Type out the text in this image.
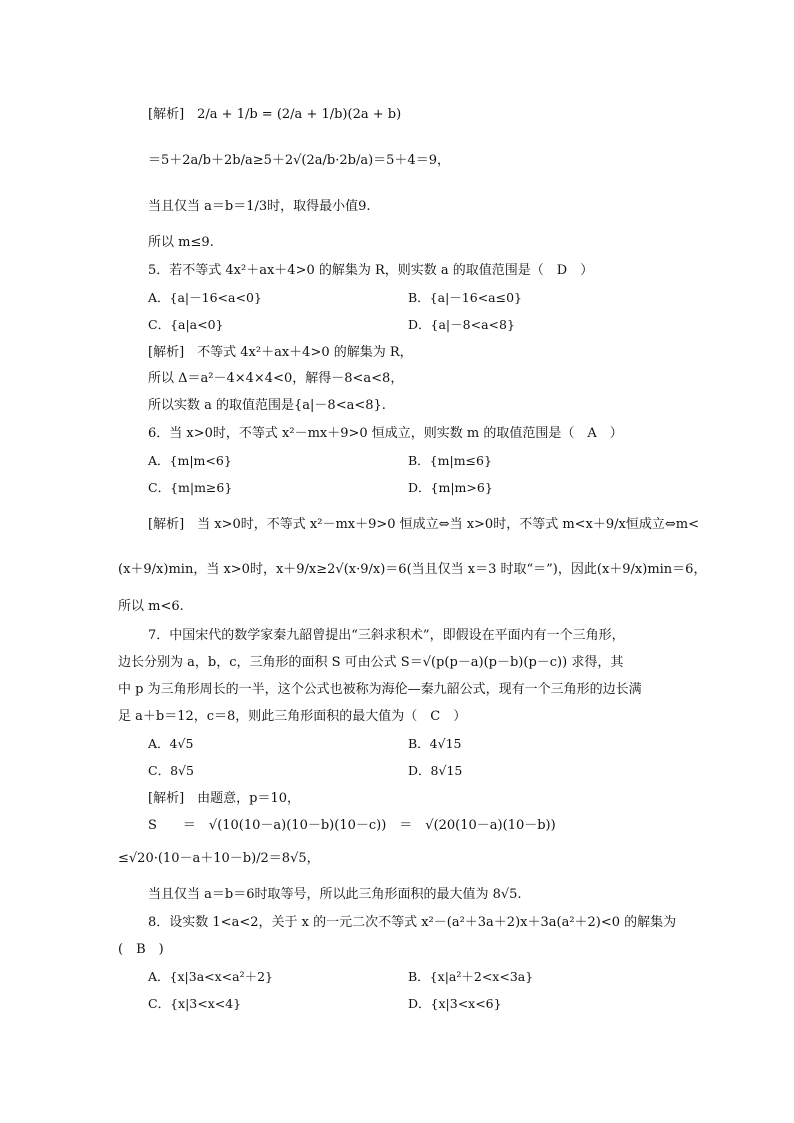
[解析]　2/a + 1/b = (2/a + 1/b)(2a + b)
＝5＋2a/b＋2b/a≥5＋2√(2a/b·2b/a)＝5＋4＝9，
当且仅当 a＝b＝1/3时，取得最小值9.
所以 m≤9.
5．若不等式 4x²＋ax＋4>0 的解集为 R，则实数 a 的取值范围是（　D　）
A．{a|－16<a<0}	B．{a|－16<a≤0}
C．{a|a<0}	D．{a|－8<a<8}
[解析]　不等式 4x²＋ax＋4>0 的解集为 R，
所以 Δ＝a²－4×4×4<0，解得－8<a<8，
所以实数 a 的取值范围是{a|－8<a<8}.
6．当 x>0时，不等式 x²－mx＋9>0 恒成立，则实数 m 的取值范围是（　A　）
A．{m|m<6}	B．{m|m≤6}
C．{m|m≥6}	D．{m|m>6}
[解析]　当 x>0时，不等式 x²－mx＋9>0 恒成立⇔当 x>0时，不等式 m<x＋9/x恒成立⇔m<
(x＋9/x)min，当 x>0时，x＋9/x≥2√(x·9/x)＝6(当且仅当 x＝3 时取“＝”)，因此(x＋9/x)min＝6，
所以 m<6.
7．中国宋代的数学家秦九韶曾提出“三斜求积术”，即假设在平面内有一个三角形，
边长分别为 a，b，c，三角形的面积 S 可由公式 S＝√(p(p－a)(p－b)(p－c)) 求得，其
中 p 为三角形周长的一半，这个公式也被称为海伦—秦九韶公式，现有一个三角形的边长满
足 a＋b＝12，c＝8，则此三角形面积的最大值为（　C　）
A．4√5	B．4√15
C．8√5	D．8√15
[解析]　由题意，p＝10，
S　　＝　√(10(10－a)(10－b)(10－c))　＝　√(20(10－a)(10－b))
≤√20·(10－a＋10－b)/2＝8√5，
当且仅当 a＝b＝6时取等号，所以此三角形面积的最大值为 8√5.
8．设实数 1<a<2，关于 x 的一元二次不等式 x²－(a²＋3a＋2)x＋3a(a²＋2)<0 的解集为
(　B　)
A．{x|3a<x<a²＋2}	B．{x|a²＋2<x<3a}
C．{x|3<x<4}	D．{x|3<x<6}
